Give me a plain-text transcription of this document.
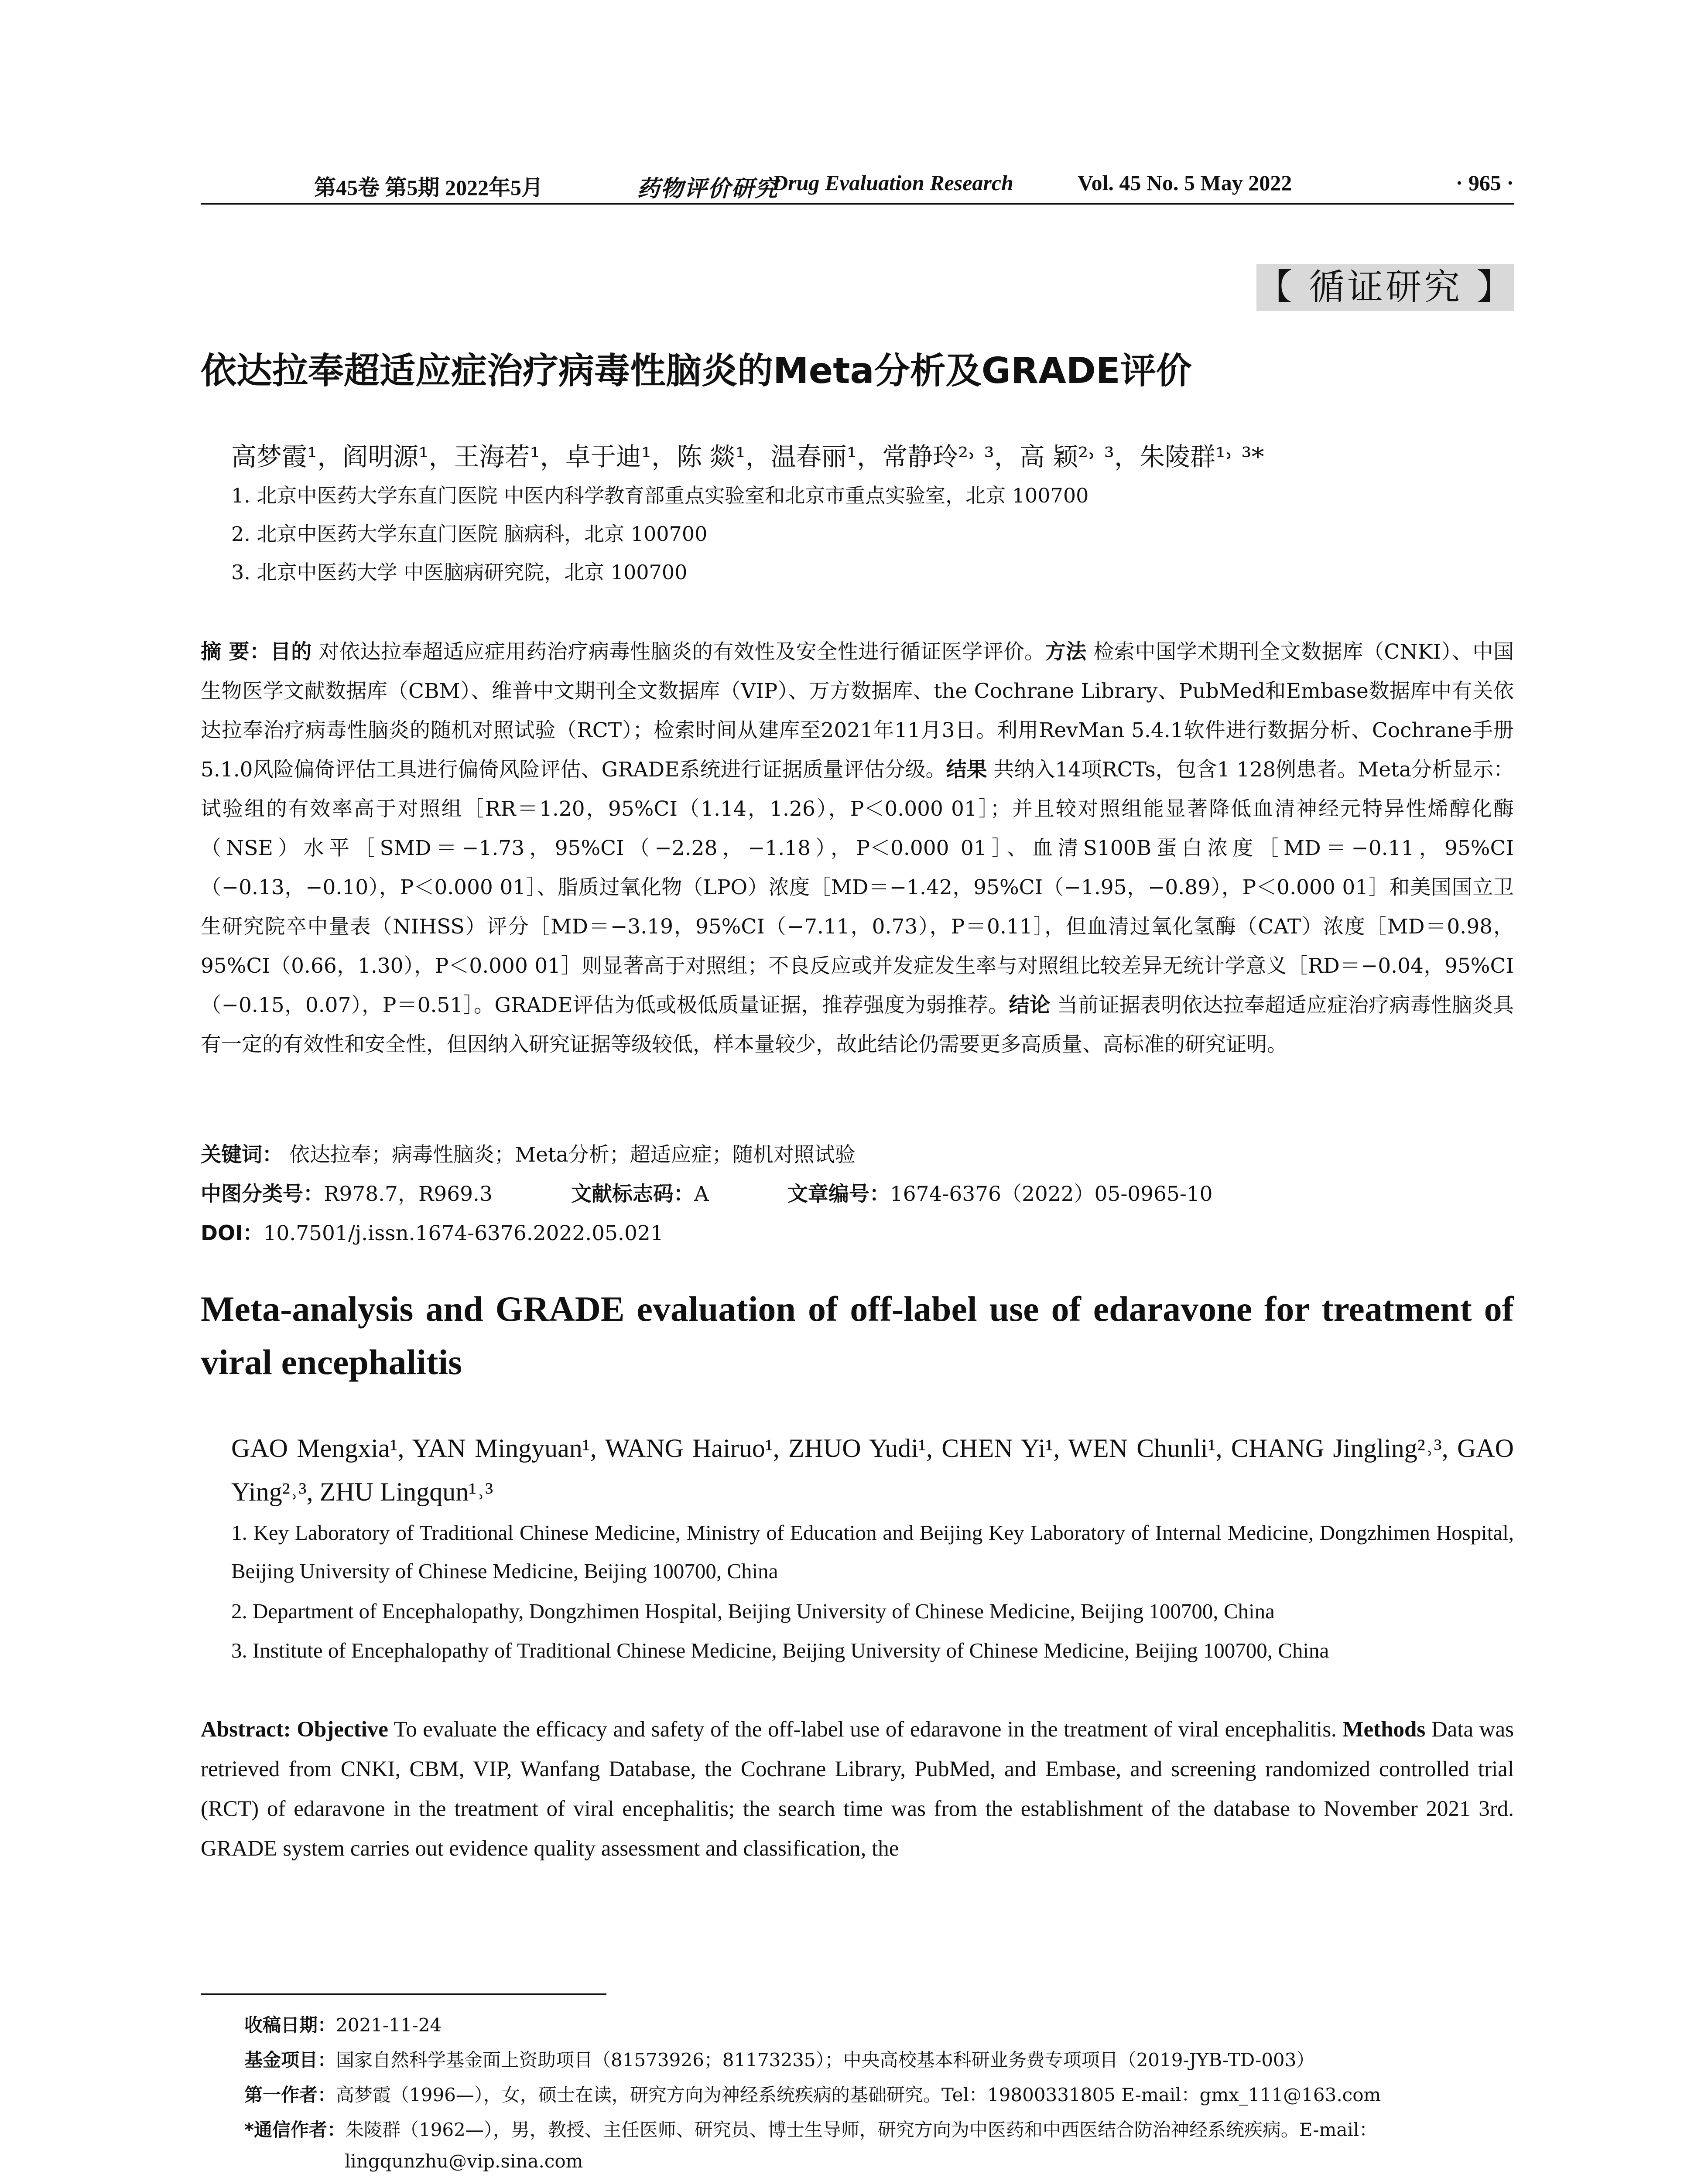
第45卷 第5期 2022年5月	药物评价研究
Drug Evaluation Research	Vol. 45 No. 5 May 2022	· 965 ·
【 循证研究 】
依达拉奉超适应症治疗病毒性脑炎的Meta分析及GRADE评价
高梦霞¹，阎明源¹，王海若¹，卓于迪¹，陈 燚¹，温春丽¹，常静玲²˒ ³，高 颖²˒ ³，朱陵群¹˒ ³*
1. 北京中医药大学东直门医院 中医内科学教育部重点实验室和北京市重点实验室，北京 100700
2. 北京中医药大学东直门医院 脑病科，北京 100700
3. 北京中医药大学 中医脑病研究院，北京 100700
摘 要：目的 对依达拉奉超适应症用药治疗病毒性脑炎的有效性及安全性进行循证医学评价。方法 检索中国学术期刊全文数据库（CNKI）、中国生物医学文献数据库（CBM）、维普中文期刊全文数据库（VIP）、万方数据库、the Cochrane Library、PubMed和Embase数据库中有关依达拉奉治疗病毒性脑炎的随机对照试验（RCT）；检索时间从建库至2021年11月3日。利用RevMan 5.4.1软件进行数据分析、Cochrane手册5.1.0风险偏倚评估工具进行偏倚风险评估、GRADE系统进行证据质量评估分级。结果 共纳入14项RCTs，包含1 128例患者。Meta分析显示：试验组的有效率高于对照组［RR＝1.20，95%CI（1.14，1.26），P＜0.000 01］；并且较对照组能显著降低血清神经元特异性烯醇化酶（NSE）水平［SMD＝−1.73，95%CI（−2.28，−1.18），P＜0.000 01］、血清S100B蛋白浓度［MD＝−0.11，95%CI（−0.13，−0.10），P＜0.000 01］、脂质过氧化物（LPO）浓度［MD＝−1.42，95%CI（−1.95，−0.89），P＜0.000 01］和美国国立卫生研究院卒中量表（NIHSS）评分［MD＝−3.19，95%CI（−7.11，0.73），P＝0.11］，但血清过氧化氢酶（CAT）浓度［MD＝0.98，95%CI（0.66，1.30），P＜0.000 01］则显著高于对照组；不良反应或并发症发生率与对照组比较差异无统计学意义［RD＝−0.04，95%CI（−0.15，0.07），P＝0.51］。GRADE评估为低或极低质量证据，推荐强度为弱推荐。结论 当前证据表明依达拉奉超适应症治疗病毒性脑炎具有一定的有效性和安全性，但因纳入研究证据等级较低，样本量较少，故此结论仍需要更多高质量、高标准的研究证明。
关键词： 依达拉奉；病毒性脑炎；Meta分析；超适应症；随机对照试验
中图分类号：R978.7，R969.3	文献标志码：A	文章编号：1674-6376（2022）05-0965-10
DOI：10.7501/j.issn.1674-6376.2022.05.021
Meta-analysis and GRADE evaluation of off-label use of edaravone for treatment of viral encephalitis
GAO Mengxia¹, YAN Mingyuan¹, WANG Hairuo¹, ZHUO Yudi¹, CHEN Yi¹, WEN Chunli¹, CHANG Jingling²˒³, GAO Ying²˒³, ZHU Lingqun¹˒³
1. Key Laboratory of Traditional Chinese Medicine, Ministry of Education and Beijing Key Laboratory of Internal Medicine, Dongzhimen Hospital, Beijing University of Chinese Medicine, Beijing 100700, China
2. Department of Encephalopathy, Dongzhimen Hospital, Beijing University of Chinese Medicine, Beijing 100700, China
3. Institute of Encephalopathy of Traditional Chinese Medicine, Beijing University of Chinese Medicine, Beijing 100700, China
Abstract: Objective To evaluate the efficacy and safety of the off-label use of edaravone in the treatment of viral encephalitis. Methods Data was retrieved from CNKI, CBM, VIP, Wanfang Database, the Cochrane Library, PubMed, and Embase, and screening randomized controlled trial (RCT) of edaravone in the treatment of viral encephalitis; the search time was from the establishment of the database to November 2021 3rd. GRADE system carries out evidence quality assessment and classification, the
收稿日期：2021-11-24
基金项目：国家自然科学基金面上资助项目（81573926；81173235）；中央高校基本科研业务费专项项目（2019-JYB-TD-003）
第一作者：高梦霞（1996—），女，硕士在读，研究方向为神经系统疾病的基础研究。Tel：19800331805 E-mail：gmx_111@163.com
*通信作者：朱陵群（1962—），男，教授、主任医师、研究员、博士生导师，研究方向为中医药和中西医结合防治神经系统疾病。E-mail：
lingqunzhu@vip.sina.com
